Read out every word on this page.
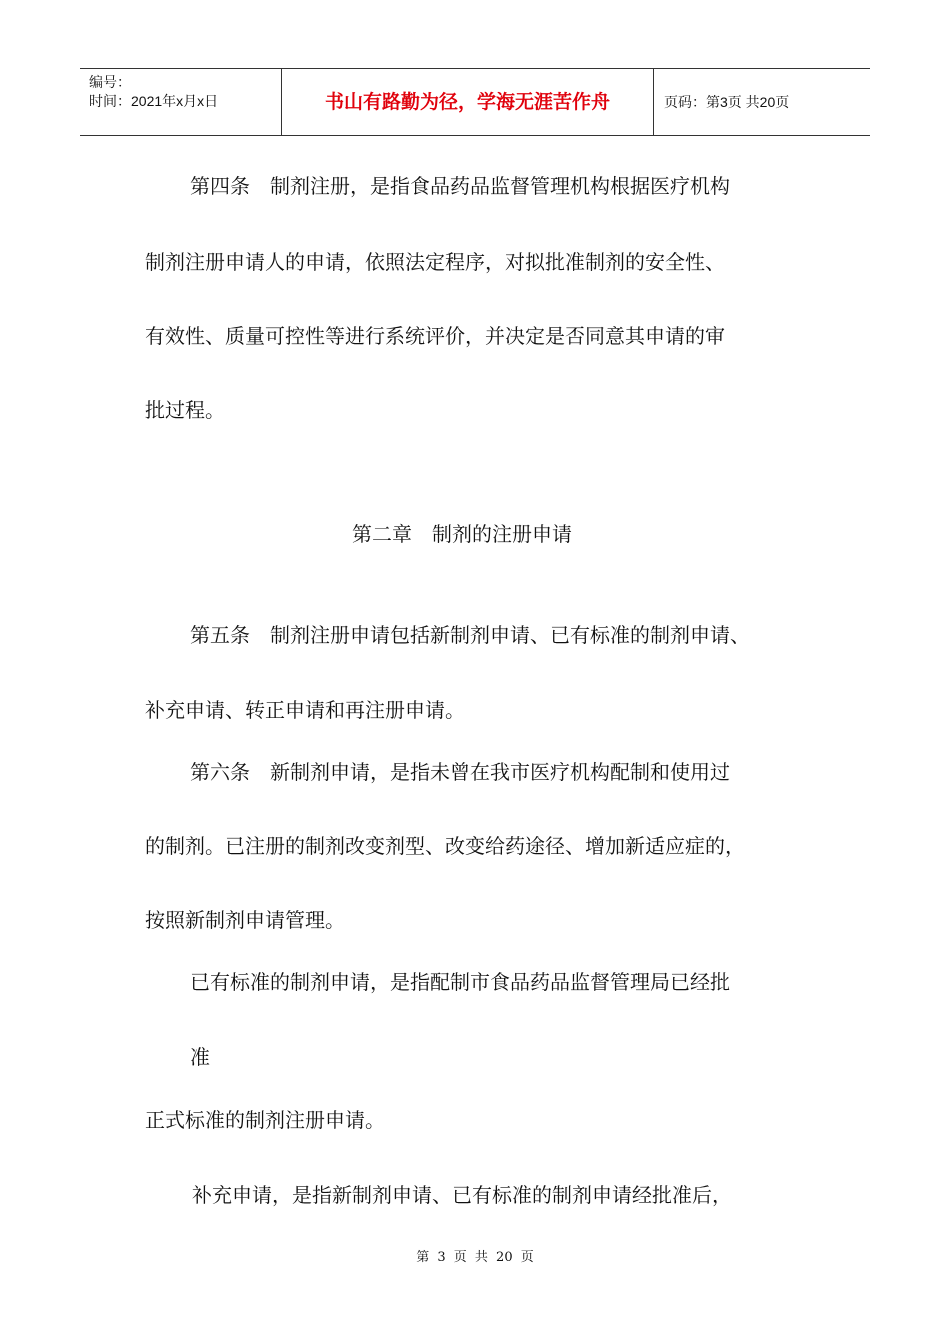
编号：
时间：2021年x月x日	书山有路勤为径，学海无涯苦作舟	页码：第3页 共20页
第四条　制剂注册，是指食品药品监督管理机构根据医疗机构
制剂注册申请人的申请，依照法定程序，对拟批准制剂的安全性、
有效性、质量可控性等进行系统评价，并决定是否同意其申请的审
批过程。
第二章　制剂的注册申请
第五条　制剂注册申请包括新制剂申请、已有标准的制剂申请、
补充申请、转正申请和再注册申请。
第六条　新制剂申请，是指未曾在我市医疗机构配制和使用过
的制剂。已注册的制剂改变剂型、改变给药途径、增加新适应症的，
按照新制剂申请管理。
已有标准的制剂申请，是指配制市食品药品监督管理局已经批
准
正式标准的制剂注册申请。
补充申请，是指新制剂申请、已有标准的制剂申请经批准后，
第 3 页 共 20 页
